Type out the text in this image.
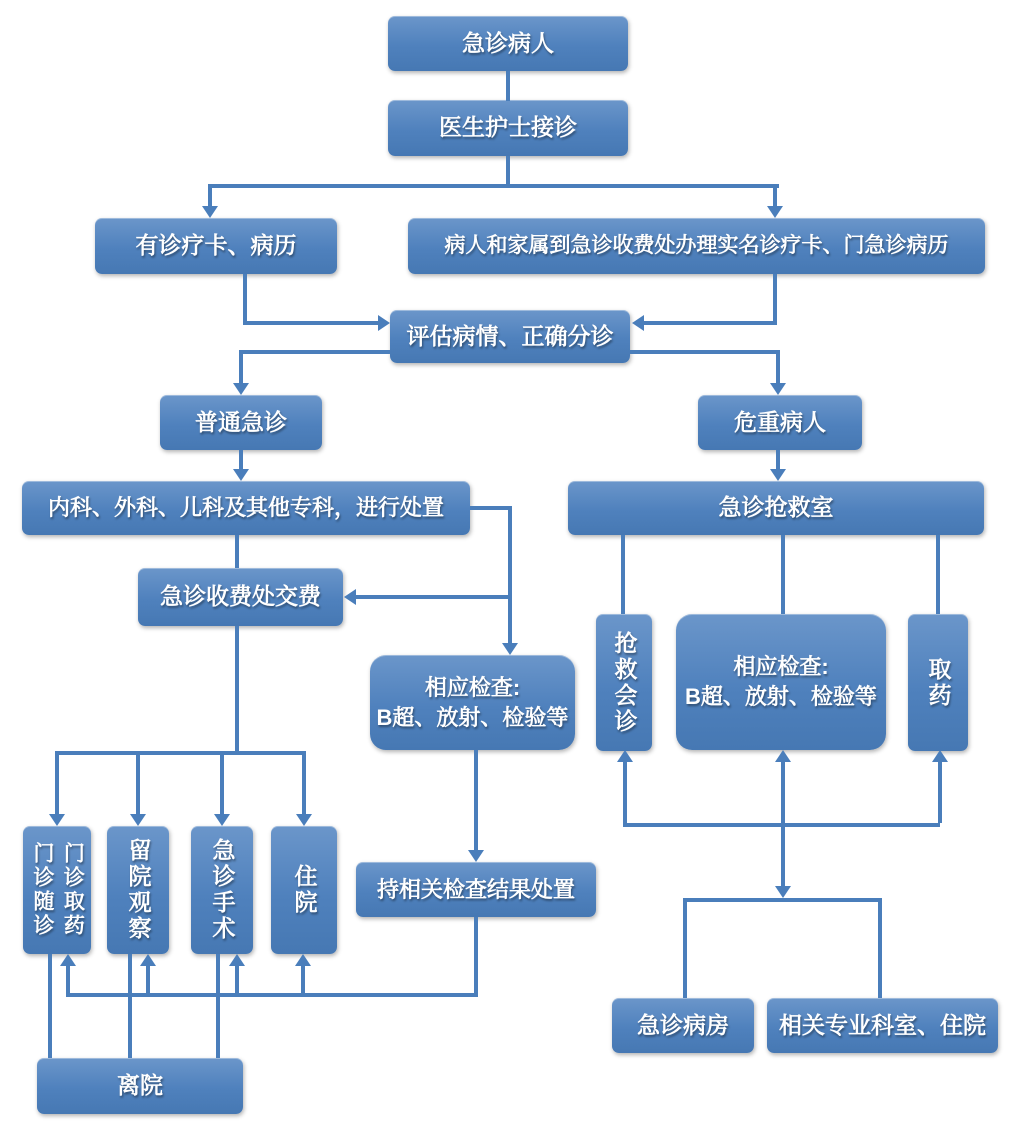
急诊病人
医生护士接诊
有诊疗卡、病历	病人和家属到急诊收费处办理实名诊疗卡、门急诊病历
评估病情、正确分诊
普通急诊	危重病人
内科、外科、儿科及其他专科，进行处置	急诊抢救室
急诊收费处交费
相应检查:
B超、放射、检验等 抢救会诊	相应检查:
B超、放射、检验等 取药
门诊随诊 门诊取药 留院观察	急诊手术 住院	持相关检查结果处置
离院
急诊病房	相关专业科室、住院
